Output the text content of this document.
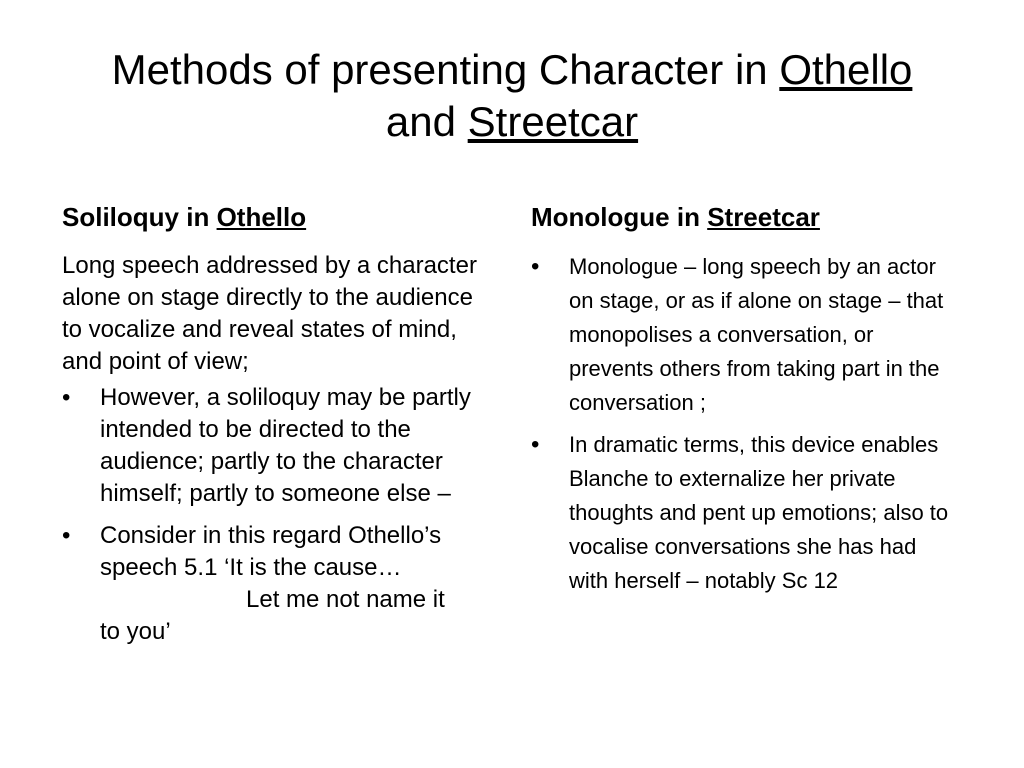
Methods of presenting Character in Othello
and Streetcar
Soliloquy in Othello

Long speech addressed by a character alone on stage directly to the audience to vocalize and reveal states of mind, and point of view;

• However, a soliloquy may be partly intended to be directed to the audience; partly to the character himself; partly to someone else –
• Consider in this regard Othello’s speech 5.1 ‘It is the cause…
Let me not name it
to you’
Monologue in Streetcar
• Monologue – long speech by an actor on stage, or as if alone on stage – that monopolises a conversation, or prevents others from taking part in the conversation ;
• In dramatic terms, this device enables Blanche to externalize her private thoughts and pent up emotions; also to vocalise conversations she has had with herself – notably Sc 12
